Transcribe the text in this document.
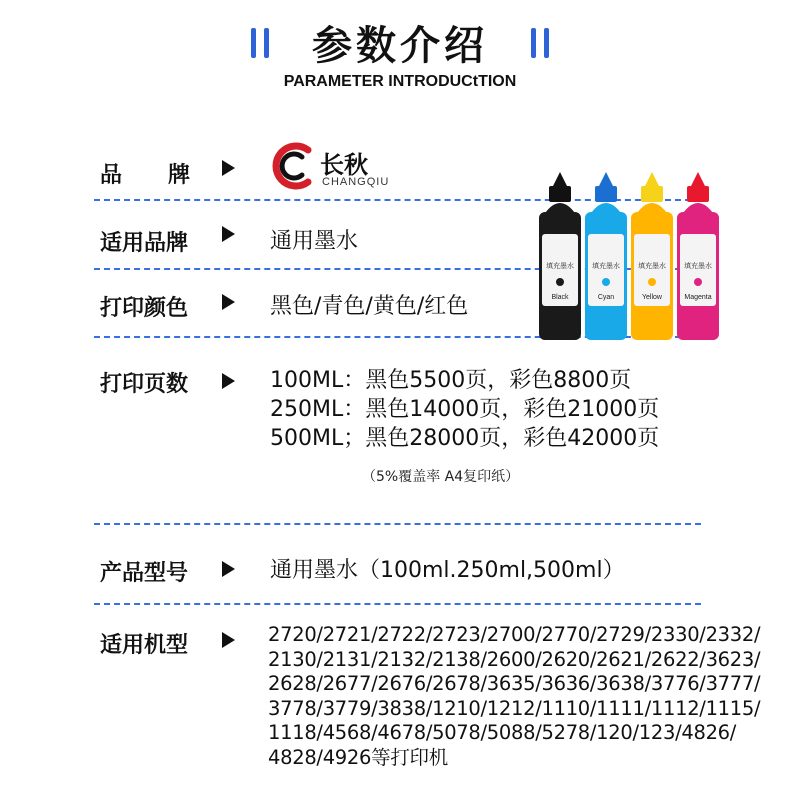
参数介绍
PARAMETER INTRODUCtTION
品      牌	长秋
CHANGQIU
适用品牌	通用墨水
打印颜色	黑色/青色/黄色/红色
打印页数	100ML：黑色5500页，彩色8800页
250ML：黑色14000页，彩色21000页
500ML；黑色28000页，彩色42000页
（5%覆盖率 A4复印纸）
产品型号	通用墨水（100ml.250ml,500ml）
适用机型	2720/2721/2722/2723/2700/2770/2729/2330/2332/
2130/2131/2132/2138/2600/2620/2621/2622/3623/
2628/2677/2676/2678/3635/3636/3638/3776/3777/
3778/3779/3838/1210/1212/1110/1111/1112/1115/
1118/4568/4678/5078/5088/5278/120/123/4826/
4828/4926等打印机
填充墨水
Black
填充墨水
Cyan
填充墨水
Yellow
填充墨水
Magenta
